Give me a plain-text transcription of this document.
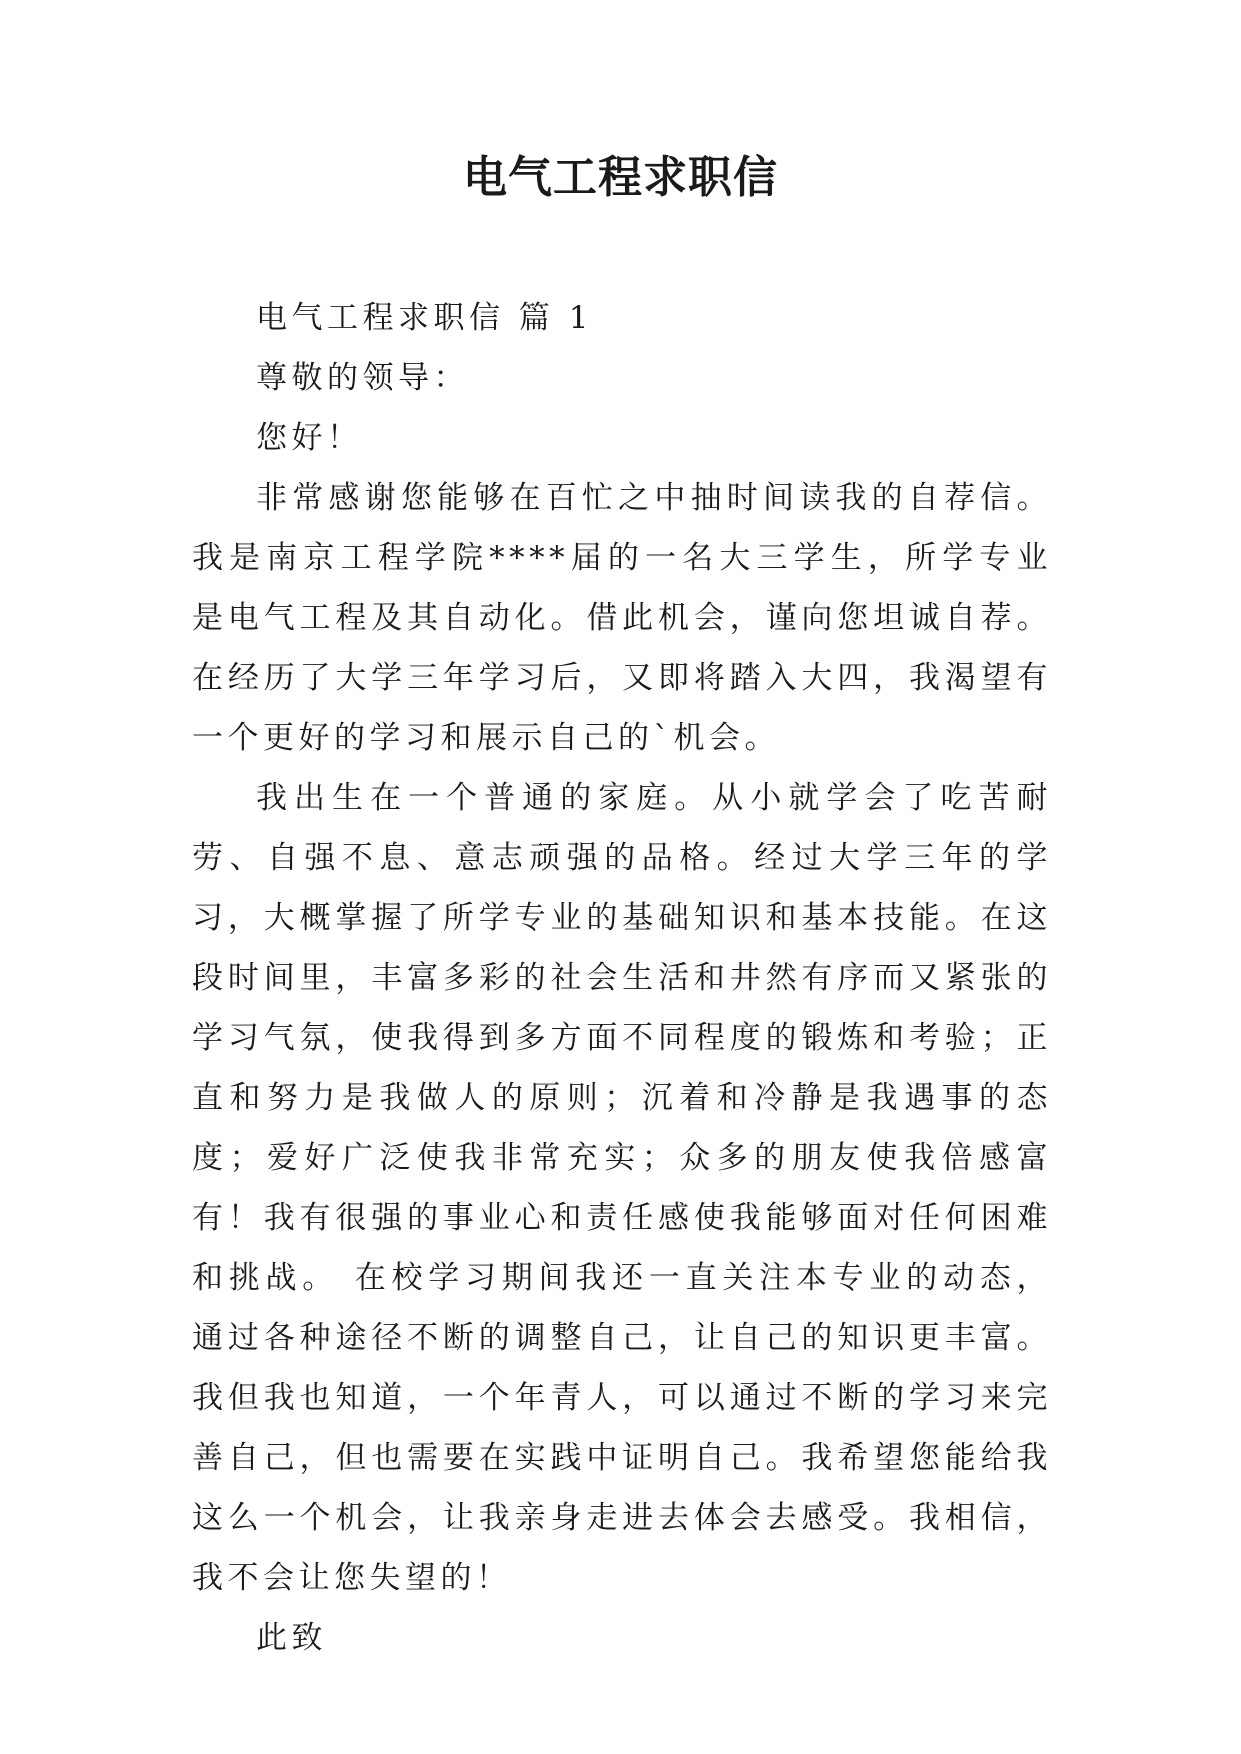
电气工程求职信

电气工程求职信 篇 1

尊敬的领导：

您好！

非常感谢您能够在百忙之中抽时间读我的自荐信。我是南京工程学院****届的一名大三学生，所学专业是电气工程及其自动化。借此机会，谨向您坦诚自荐。在经历了大学三年学习后，又即将踏入大四，我渴望有一个更好的学习和展示自己的`机会。

我出生在一个普通的家庭。从小就学会了吃苦耐劳、自强不息、意志顽强的品格。经过大学三年的学习，大概掌握了所学专业的基础知识和基本技能。在这段时间里，丰富多彩的社会生活和井然有序而又紧张的学习气氛，使我得到多方面不同程度的锻炼和考验；正直和努力是我做人的原则；沉着和冷静是我遇事的态度；爱好广泛使我非常充实；众多的朋友使我倍感富有！我有很强的事业心和责任感使我能够面对任何困难和挑战。 在校学习期间我还一直关注本专业的动态，通过各种途径不断的调整自己，让自己的知识更丰富。我但我也知道，一个年青人，可以通过不断的学习来完善自己，但也需要在实践中证明自己。我希望您能给我这么一个机会，让我亲身走进去体会去感受。我相信，我不会让您失望的！

此致
